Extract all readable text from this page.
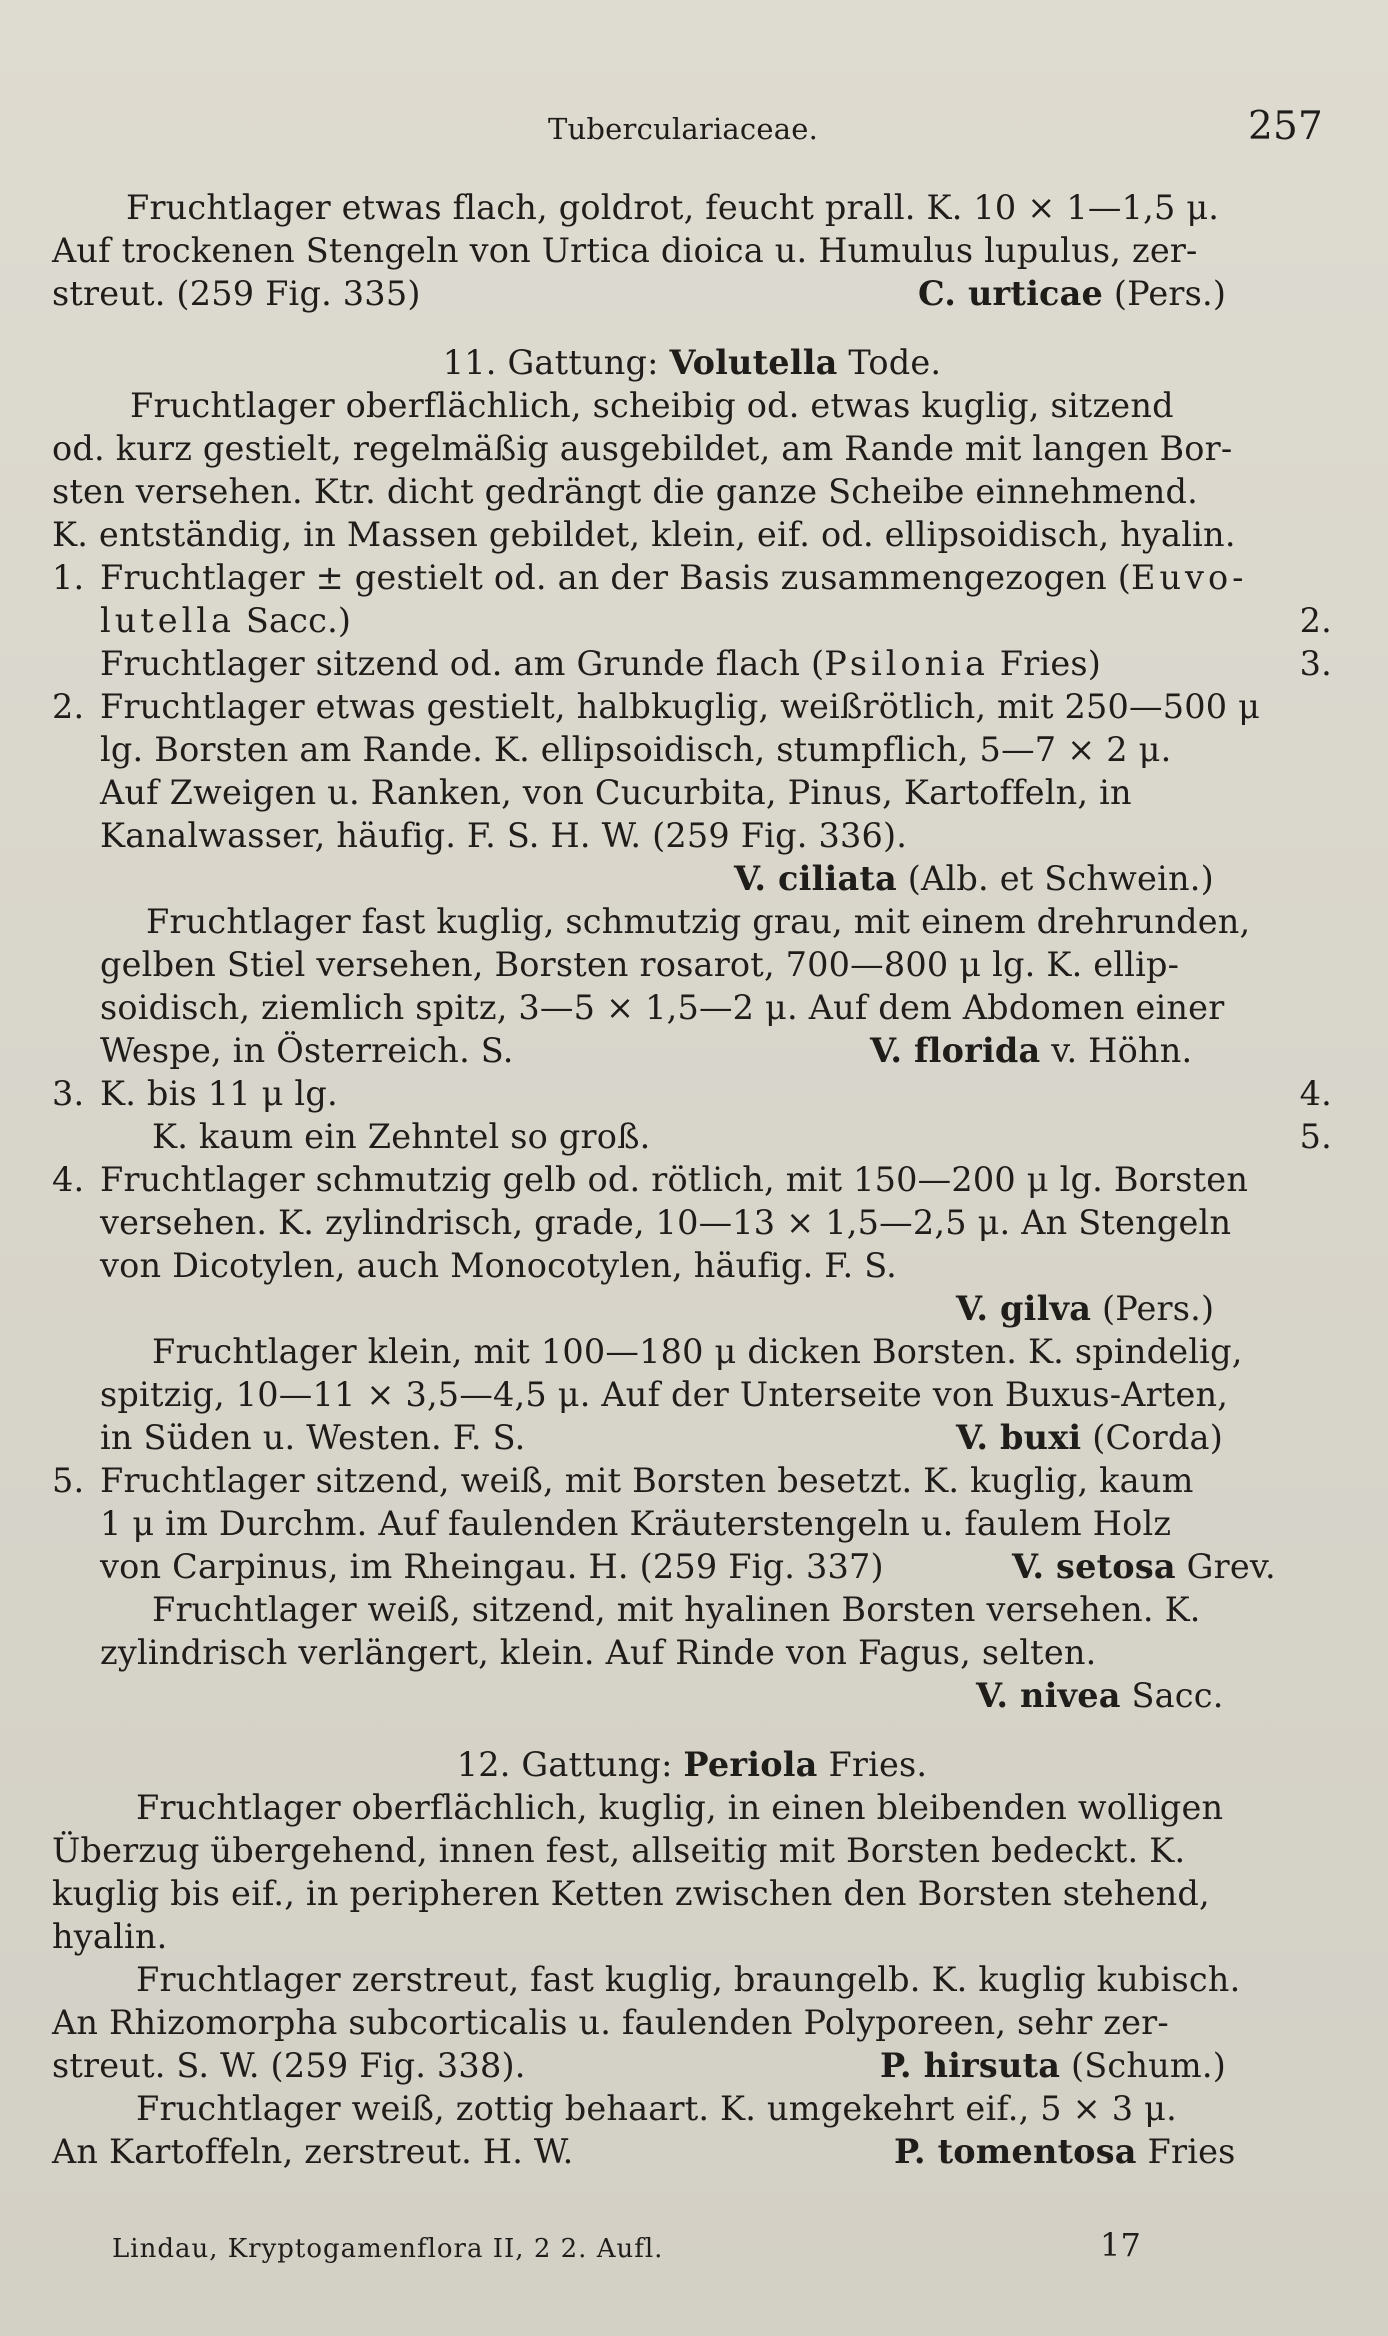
Tuberculariaceae.	257
Fruchtlager etwas flach, goldrot, feucht prall. K. 10 × 1—1,5 μ.
Auf trockenen Stengeln von Urtica dioica u. Humulus lupulus, zer-
streut. (259 Fig. 335)	C. urticae (Pers.)
11. Gattung: Volutella Tode.
Fruchtlager oberflächlich, scheibig od. etwas kuglig, sitzend
od. kurz gestielt, regelmäßig ausgebildet, am Rande mit langen Bor-
sten versehen. Ktr. dicht gedrängt die ganze Scheibe einnehmend.
K. entständig, in Massen gebildet, klein, eif. od. ellipsoidisch, hyalin.
1. Fruchtlager ± gestielt od. an der Basis zusammengezogen (Euvo-
lutella Sacc.)	2.
Fruchtlager sitzend od. am Grunde flach (Psilonia Fries)	3.
2. Fruchtlager etwas gestielt, halbkuglig, weißrötlich, mit 250—500 μ
lg. Borsten am Rande. K. ellipsoidisch, stumpflich, 5—7 × 2 μ.
Auf Zweigen u. Ranken, von Cucurbita, Pinus, Kartoffeln, in
Kanalwasser, häufig. F. S. H. W. (259 Fig. 336).
V. ciliata (Alb. et Schwein.)
Fruchtlager fast kuglig, schmutzig grau, mit einem drehrunden,
gelben Stiel versehen, Borsten rosarot, 700—800 μ lg. K. ellip-
soidisch, ziemlich spitz, 3—5 × 1,5—2 μ. Auf dem Abdomen einer
Wespe, in Österreich. S.	V. florida v. Höhn.
3. K. bis 11 μ lg.	4.
K. kaum ein Zehntel so groß.	5.
4. Fruchtlager schmutzig gelb od. rötlich, mit 150—200 μ lg. Borsten
versehen. K. zylindrisch, grade, 10—13 × 1,5—2,5 μ. An Stengeln
von Dicotylen, auch Monocotylen, häufig. F. S.
V. gilva (Pers.)
Fruchtlager klein, mit 100—180 μ dicken Borsten. K. spindelig,
spitzig, 10—11 × 3,5—4,5 μ. Auf der Unterseite von Buxus-Arten,
in Süden u. Westen. F. S.	V. buxi (Corda)
5. Fruchtlager sitzend, weiß, mit Borsten besetzt. K. kuglig, kaum
1 μ im Durchm. Auf faulenden Kräuterstengeln u. faulem Holz
von Carpinus, im Rheingau. H. (259 Fig. 337)	V. setosa Grev.
Fruchtlager weiß, sitzend, mit hyalinen Borsten versehen. K.
zylindrisch verlängert, klein. Auf Rinde von Fagus, selten.
V. nivea Sacc.
12. Gattung: Periola Fries.
Fruchtlager oberflächlich, kuglig, in einen bleibenden wolligen
Überzug übergehend, innen fest, allseitig mit Borsten bedeckt. K.
kuglig bis eif., in peripheren Ketten zwischen den Borsten stehend,
hyalin.
Fruchtlager zerstreut, fast kuglig, braungelb. K. kuglig kubisch.
An Rhizomorpha subcorticalis u. faulenden Polyporeen, sehr zer-
streut. S. W. (259 Fig. 338).	P. hirsuta (Schum.)
Fruchtlager weiß, zottig behaart. K. umgekehrt eif., 5 × 3 μ.
An Kartoffeln, zerstreut. H. W.	P. tomentosa Fries
Lindau, Kryptogamenflora II, 2 2. Aufl.	17
